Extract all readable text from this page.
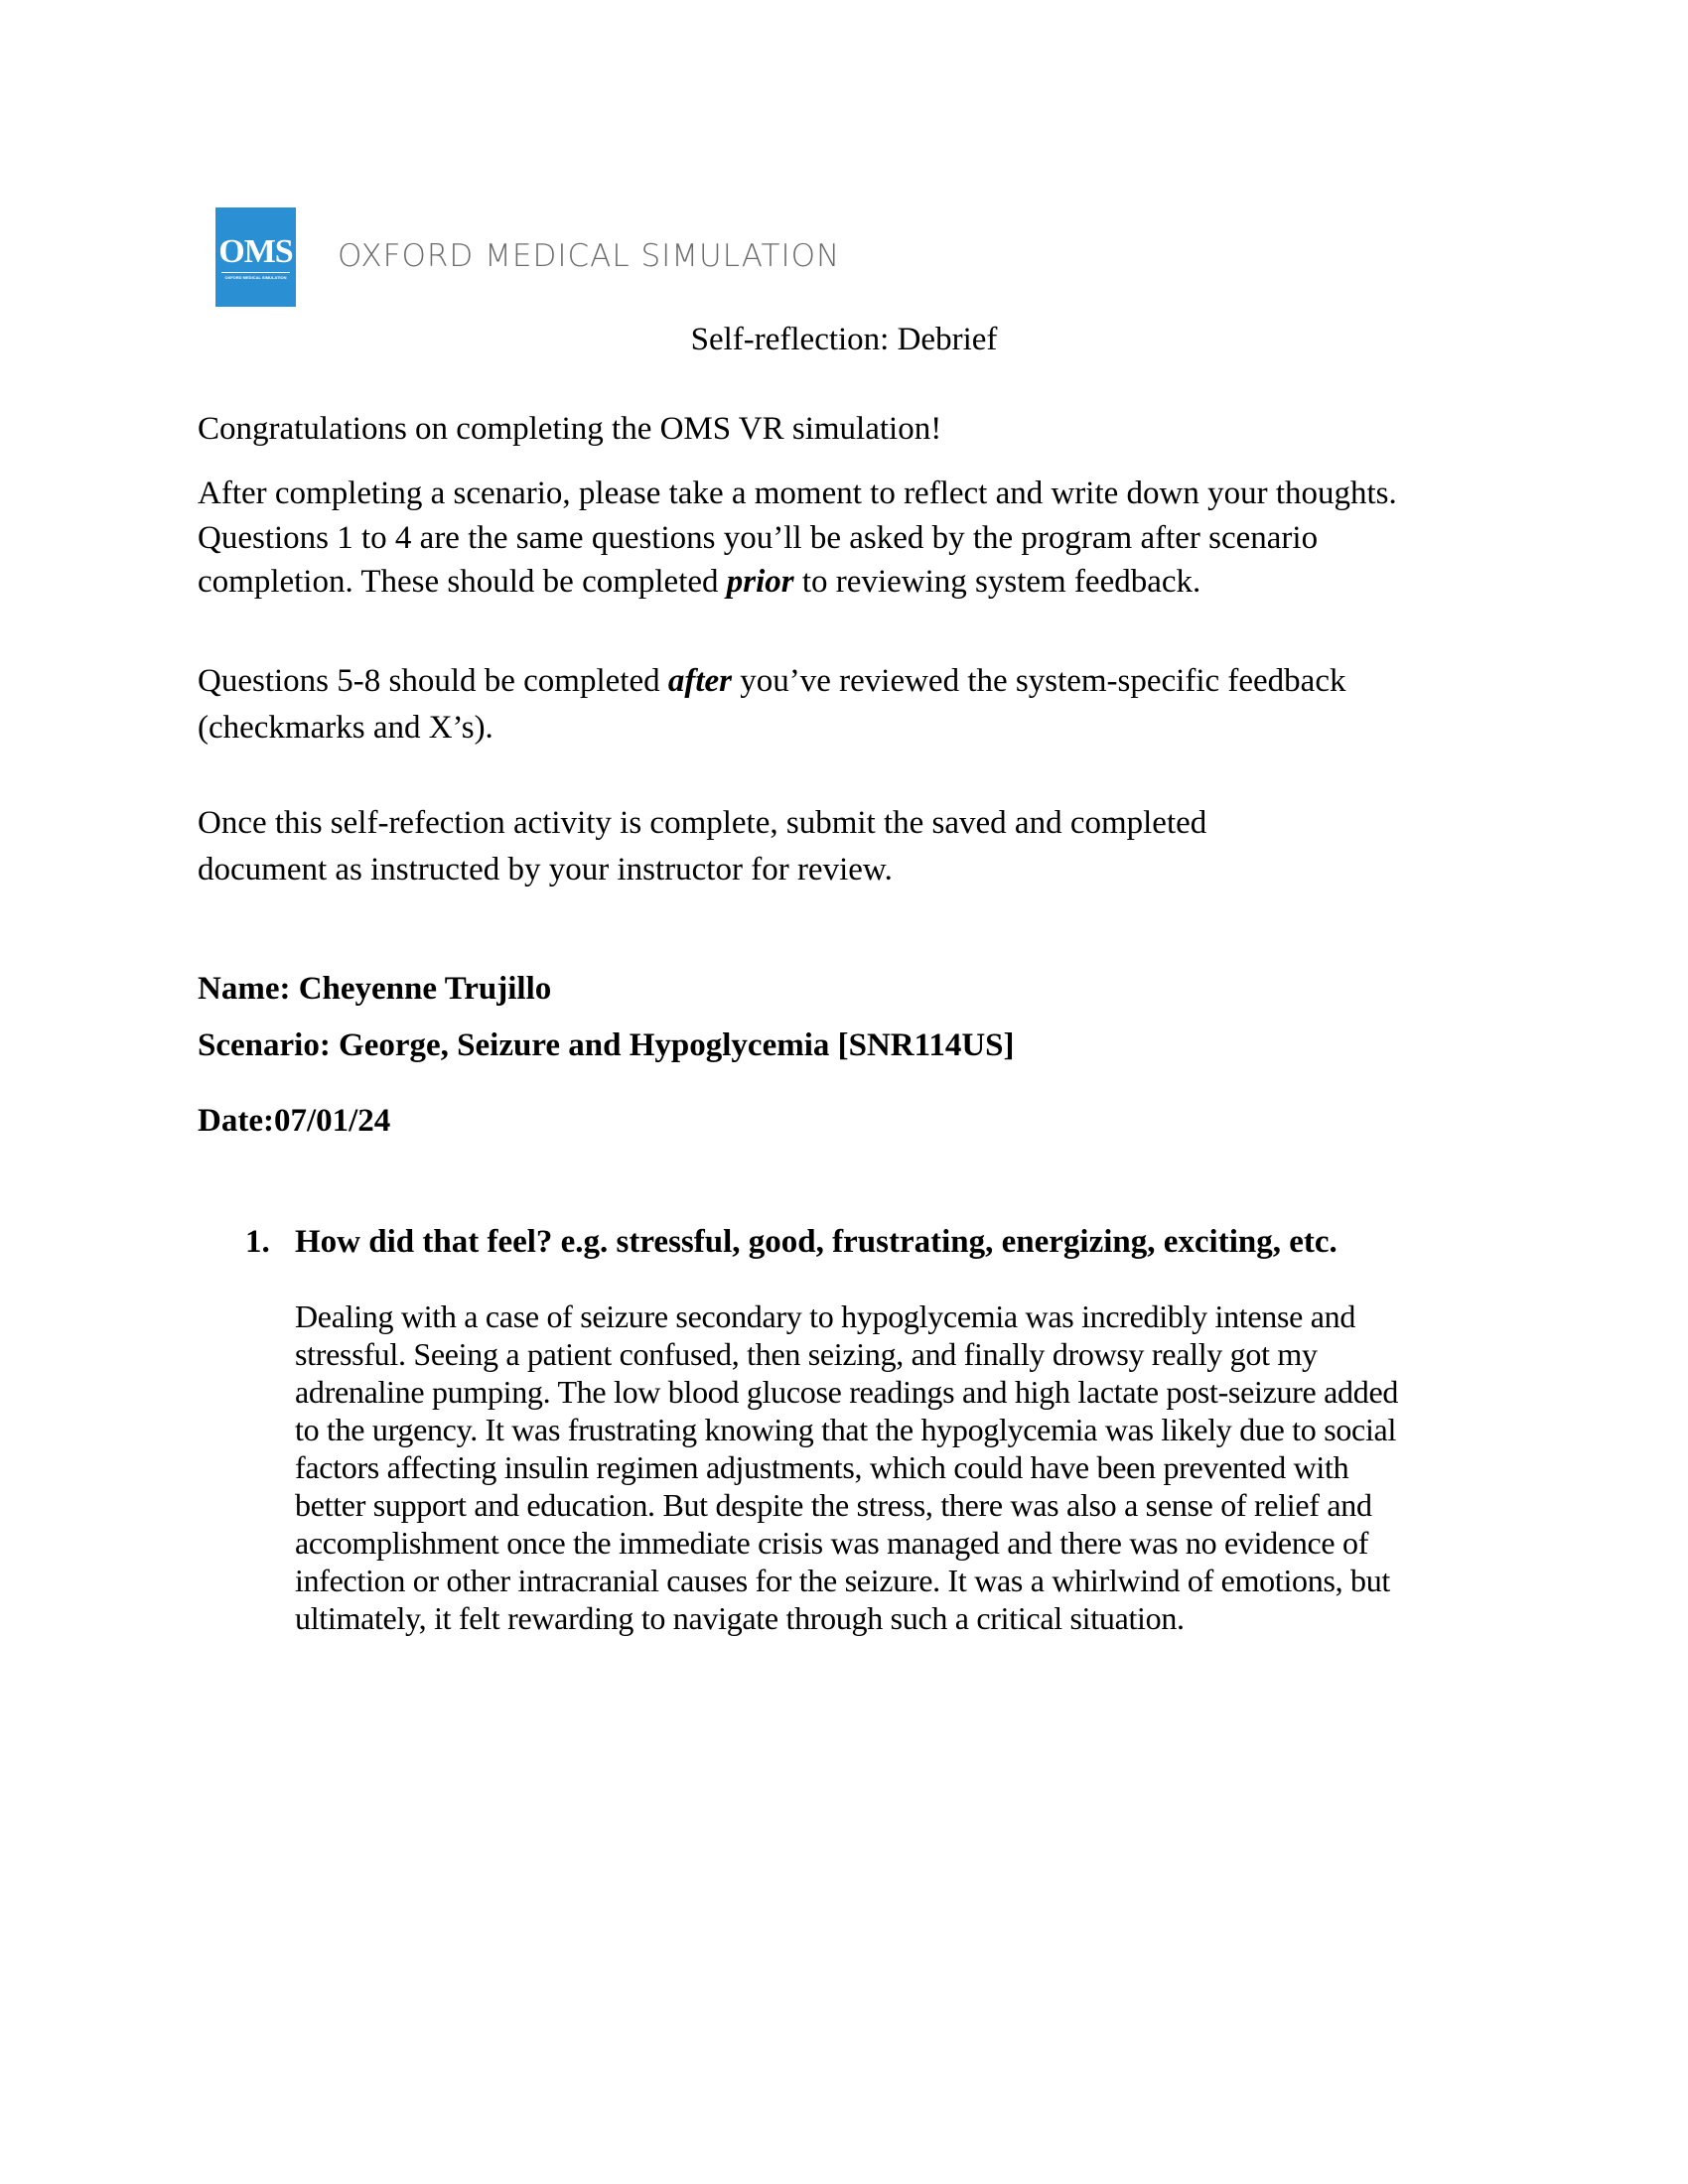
OMS
OXFORD MEDICAL SIMULATION
OXFORD MEDICAL SIMULATION
Self-reflection: Debrief
Congratulations on completing the OMS VR simulation!
After completing a scenario, please take a moment to reflect and write down your thoughts.
Questions 1 to 4 are the same questions you’ll be asked by the program after scenario
completion. These should be completed prior to reviewing system feedback.
Questions 5-8 should be completed after you’ve reviewed the system-specific feedback
(checkmarks and X’s).
Once this self-refection activity is complete, submit the saved and completed
document as instructed by your instructor for review.
Name: Cheyenne Trujillo
Scenario: George, Seizure and Hypoglycemia [SNR114US]
Date:07/01/24
1. How did that feel? e.g. stressful, good, frustrating, energizing, exciting, etc.
Dealing with a case of seizure secondary to hypoglycemia was incredibly intense and
stressful. Seeing a patient confused, then seizing, and finally drowsy really got my
adrenaline pumping. The low blood glucose readings and high lactate post-seizure added
to the urgency. It was frustrating knowing that the hypoglycemia was likely due to social
factors affecting insulin regimen adjustments, which could have been prevented with
better support and education. But despite the stress, there was also a sense of relief and
accomplishment once the immediate crisis was managed and there was no evidence of
infection or other intracranial causes for the seizure. It was a whirlwind of emotions, but
ultimately, it felt rewarding to navigate through such a critical situation.
